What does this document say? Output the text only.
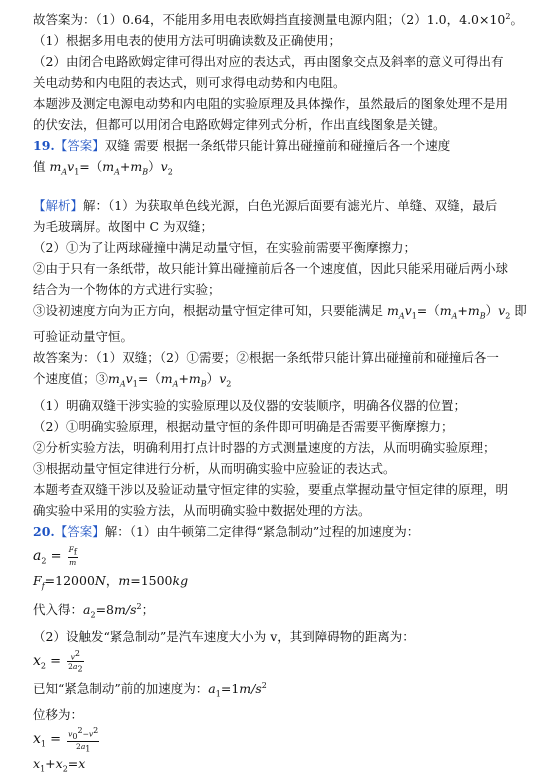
故答案为：（1）0.64，不能用多用电表欧姆挡直接测量电源内阻；（2）1.0，$4.0\times 10^2$。
（1）根据多用电表的使用方法可明确读数及正确使用；
（2）由闭合电路欧姆定律可得出对应的表达式，再由图象交点及斜率的意义可得出有
关电动势和内电阻的表达式，则可求得电动势和内电阻。
本题涉及测定电源电动势和内电阻的实验原理及具体操作，虽然最后的图象处理不是用
的伏安法，但都可以用闭合电路欧姆定律列式分析，作出直线图象是关键。
19.【答案】双缝 需要 根据一条纸带只能计算出碰撞前和碰撞后各一个速度
值 $m_Av_1=(m_A+m_B)v_2$
【解析】解：（1）为获取单色线光源，白色光源后面要有滤光片、单缝、双缝，最后
为毛玻璃屏。故图中 C 为双缝；
（2）①为了让两球碰撞中满足动量守恒，在实验前需要平衡摩擦力；
②由于只有一条纸带，故只能计算出碰撞前后各一个速度值，因此只能采用碰后两小球
结合为一个物体的方式进行实验；
③设初速度方向为正方向，根据动量守恒定律可知，只要能满足 $m_Av_1=(m_A+m_B)v_2$ 即
可验证动量守恒。
故答案为：（1）双缝；（2）①需要；②根据一条纸带只能计算出碰撞前和碰撞后各一
个速度值；$③m_Av_1=(m_A+m_B)v_2$
（1）明确双缝干涉实验的实验原理以及仪器的安装顺序，明确各仪器的位置；
（2）①明确实验原理，根据动量守恒的条件即可明确是否需要平衡摩擦力；
②分析实验方法，明确利用打点计时器的方式测量速度的方法，从而明确实验原理；
③根据动量守恒定律进行分析，从而明确实验中应验证的表达式。
本题考查双缝干涉以及验证动量守恒定律的实验，要重点掌握动量守恒定律的原理，明
确实验中采用的实验方法，从而明确实验中数据处理的方法。
20.【答案】解：（1）由牛顿第二定律得“紧急制动”过程的加速度为：
$a_2 = \frac{F_f}{m}$
$F_f=12000N$，m=1500kg
代入得：$a_2=8m/s^2$；
（2）设触发“紧急制动”是汽车速度大小为 v，其到障碍物的距离为：
$x_2 = \frac{v^2}{2a_2}$
已知“紧急制动”前的加速度为：$a_1=1m/s^2$
位移为：
$x_1 = \frac{v_0^2-v^2}{2a_1}$
$x_1+x_2=x$
